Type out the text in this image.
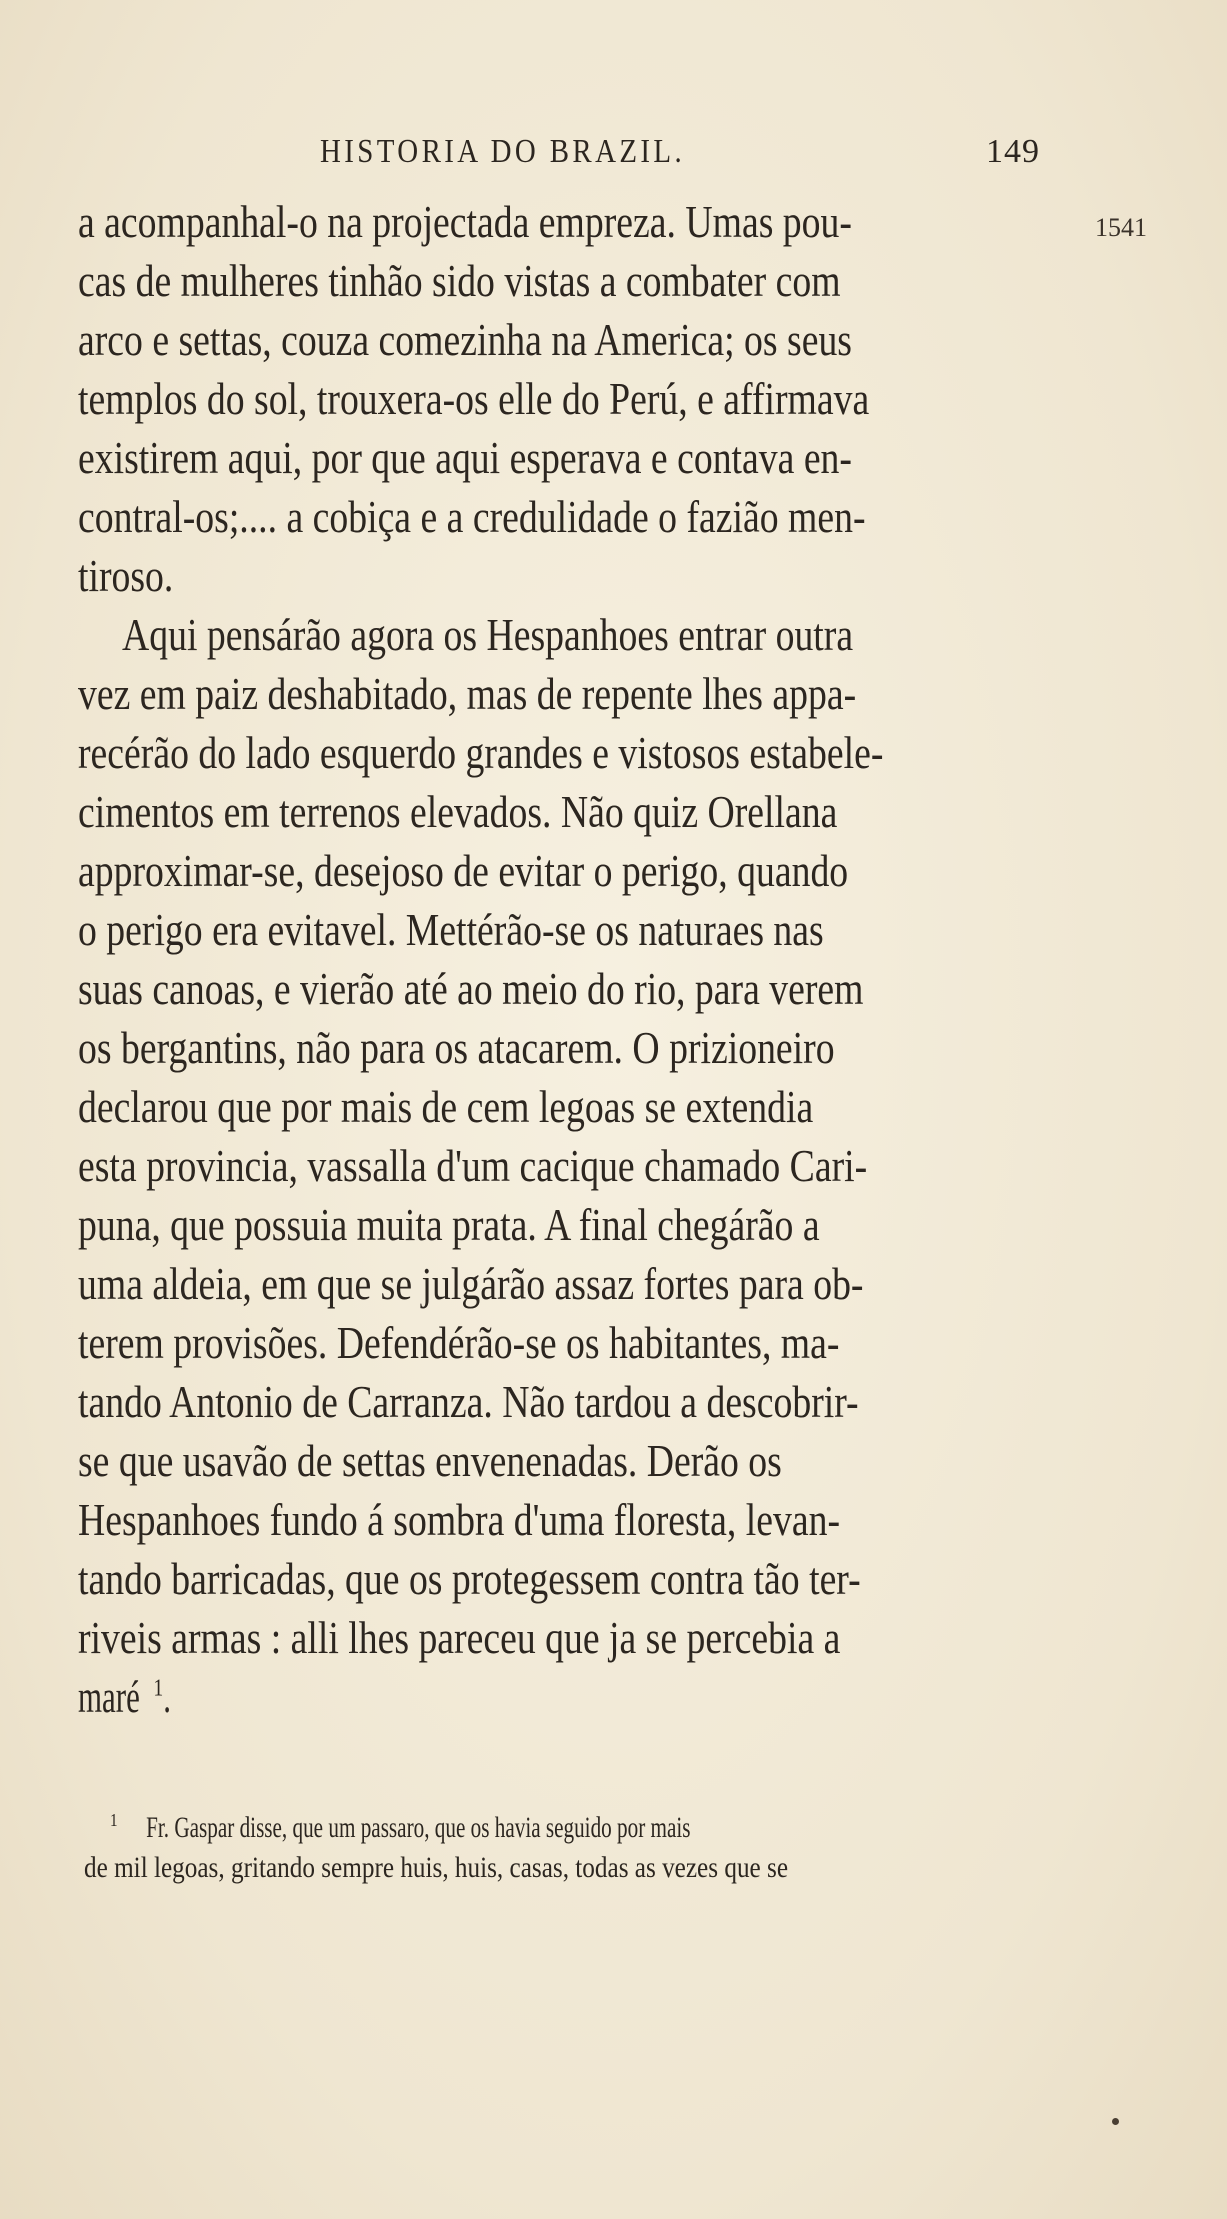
HISTORIA DO BRAZIL.	149
1541
a acompanhal-o na projectada empreza. Umas pou-
cas de mulheres tinhão sido vistas a combater com
arco e settas, couza comezinha na America; os seus
templos do sol, trouxera-os elle do Perú, e affirmava
existirem aqui, por que aqui esperava e contava en-
contral-os;.... a cobiça e a credulidade o fazião men-
tiroso.
Aqui pensárão agora os Hespanhoes entrar outra
vez em paiz deshabitado, mas de repente lhes appa-
recérão do lado esquerdo grandes e vistosos estabele-
cimentos em terrenos elevados. Não quiz Orellana
approximar-se, desejoso de evitar o perigo, quando
o perigo era evitavel. Mettérão-se os naturaes nas
suas canoas, e vierão até ao meio do rio, para verem
os bergantins, não para os atacarem. O prizioneiro
declarou que por mais de cem legoas se extendia
esta provincia, vassalla d'um cacique chamado Cari-
puna, que possuia muita prata. A final chegárão a
uma aldeia, em que se julgárão assaz fortes para ob-
terem provisões. Defendérão-se os habitantes, ma-
tando Antonio de Carranza. Não tardou a descobrir-
se que usavão de settas envenenadas. Derão os
Hespanhoes fundo á sombra d'uma floresta, levan-
tando barricadas, que os protegessem contra tão ter-
riveis armas : alli lhes pareceu que ja se percebia a
maré $^1$.
$^1$ Fr. Gaspar disse, que um passaro, que os havia seguido por mais
de mil legoas, gritando sempre huis, huis, casas, todas as vezes que se
